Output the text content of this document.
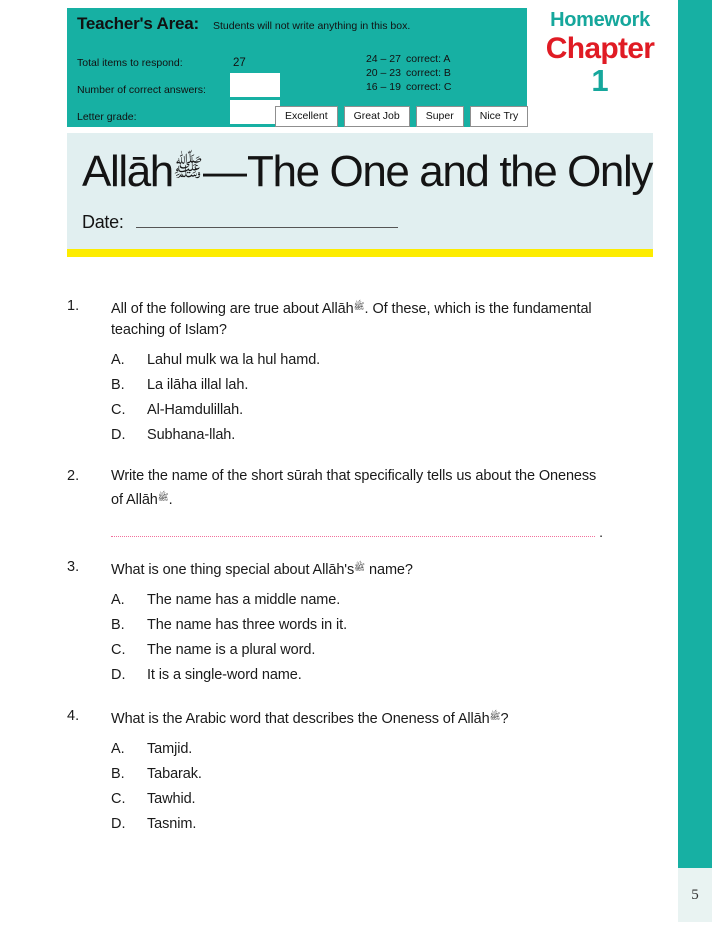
5
Teacher's Area: Students will not write anything in this box.
Total items to respond:	27
Number of correct answers:
Letter grade:
24 – 27 correct: A
20 – 23 correct: B
16 – 19 correct: C
Excellent	Great Job	Super	Nice Try
Homework
Chapter
1
Allāh$^ﷺ$—The One and the Only
Date:
1.	All of the following are true about Allāh$^ﷺ$. Of these, which is the fundamental teaching of Islam?
A.	Lahul mulk wa la hul hamd.
B.	La ilāha illal lah.
C.	Al-Hamdulillah.
D.	Subhana-llah.
2.	Write the name of the short sūrah that specifically tells us about the Oneness of Allāh$^ﷺ$.
.
3.	What is one thing special about $Allāh's^ﷺ$ name?
A.	The name has a middle name.
B.	The name has three words in it.
C.	The name is a plural word.
D.	It is a single-word name.
4.	What is the Arabic word that describes the Oneness of Allāh$^ﷺ$?
A.	Tamjid.
B.	Tabarak.
C.	Tawhid.
D.	Tasnim.
